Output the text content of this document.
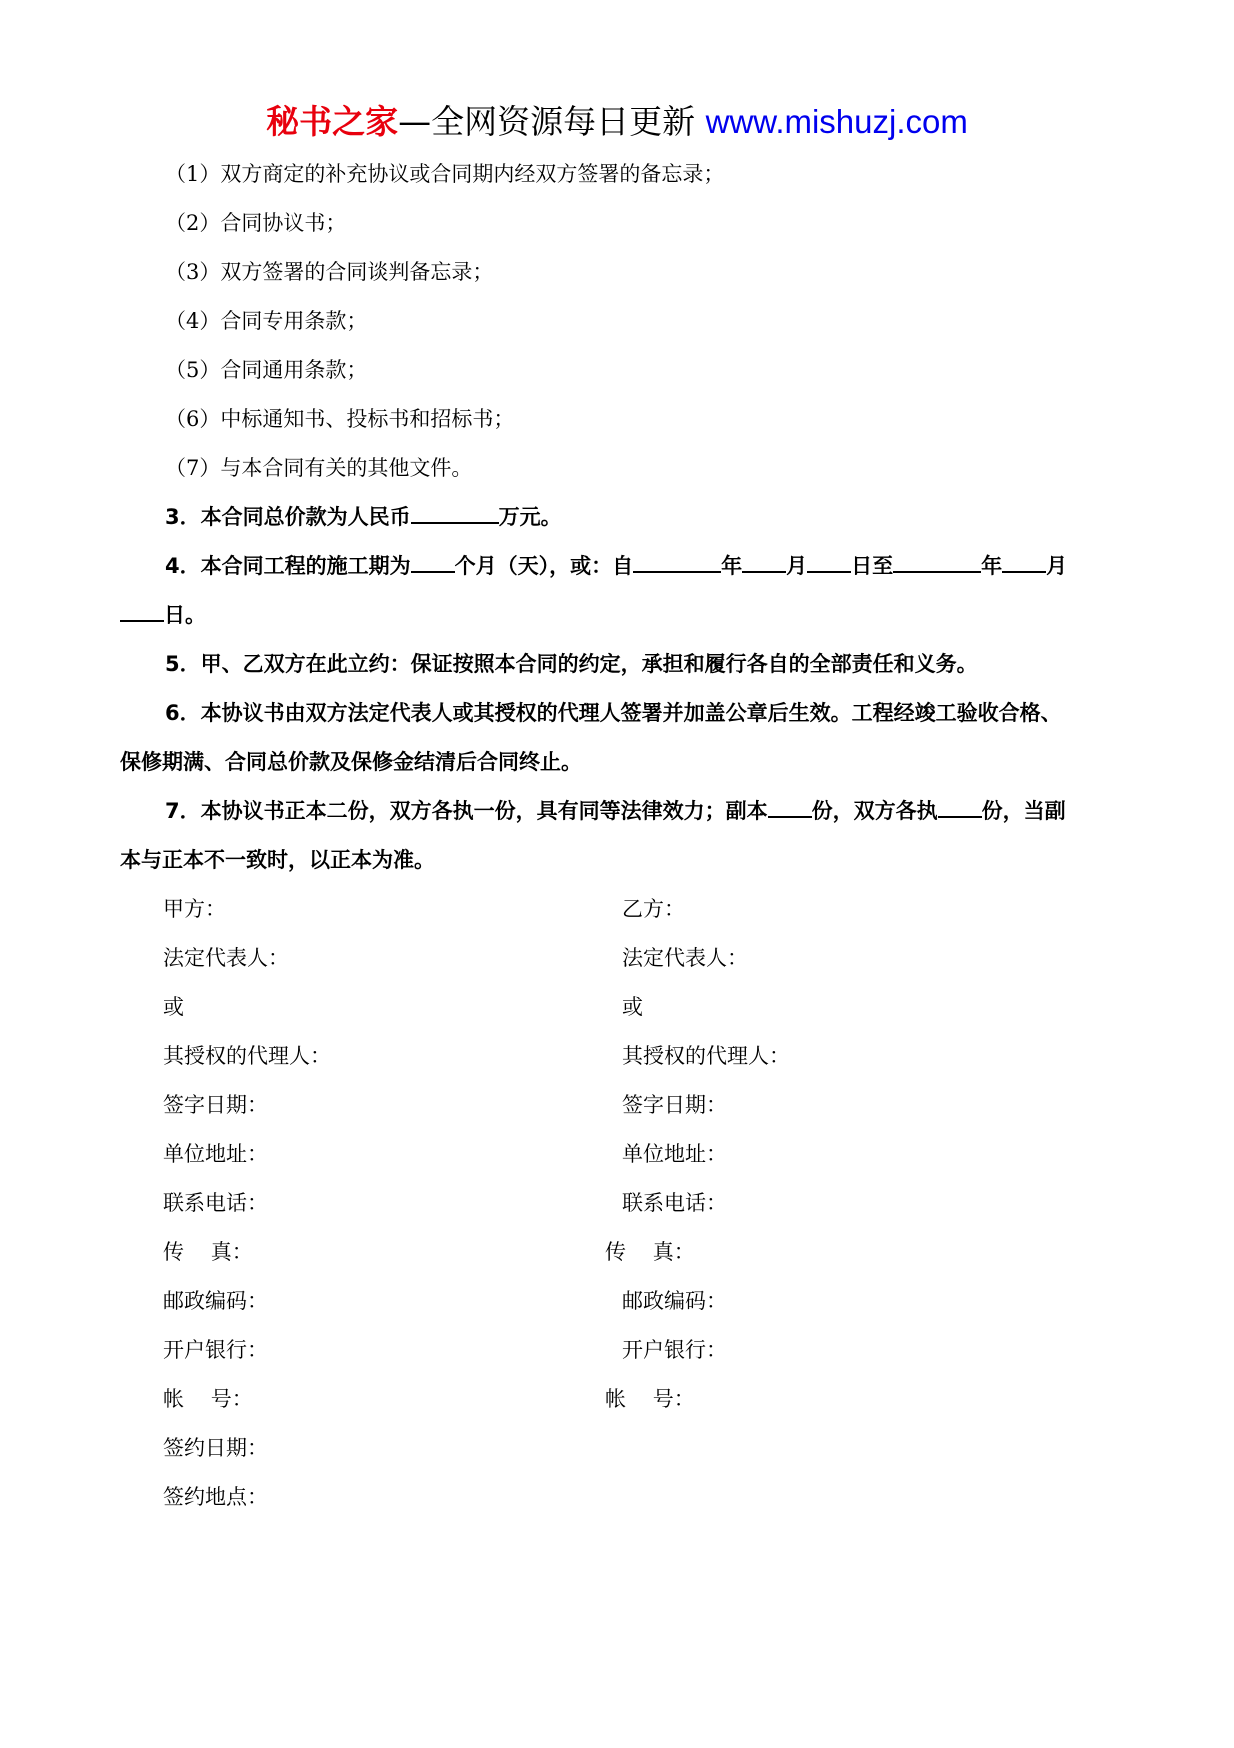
秘书之家—全网资源每日更新 www.mishuzj.com
（1）双方商定的补充协议或合同期内经双方签署的备忘录；
（2）合同协议书；
（3）双方签署的合同谈判备忘录；
（4）合同专用条款；
（5）合同通用条款；
（6）中标通知书、投标书和招标书；
（7）与本合同有关的其他文件。

3．本合同总价款为人民币	万元。

4．本合同工程的施工期为 个月（天），或：自	年 月 日至	年 月

日。

5．甲、乙双方在此立约：保证按照本合同的约定，承担和履行各自的全部责任和义务。

6．本协议书由双方法定代表人或其授权的代理人签署并加盖公章后生效。工程经竣工验收合格、

保修期满、合同总价款及保修金结清后合同终止。

7．本协议书正本二份，双方各执一份，具有同等法律效力；副本 份，双方各执 份，当副

本与正本不一致时，以正本为准。

甲方：	乙方：
法定代表人：	法定代表人：
或	或
其授权的代理人：	其授权的代理人：
签字日期：	签字日期：
单位地址：	单位地址：
联系电话：	联系电话：
传    真：	传    真：
邮政编码：	邮政编码：
开户银行：	开户银行：
帐    号：	帐    号：
签约日期：
签约地点：
